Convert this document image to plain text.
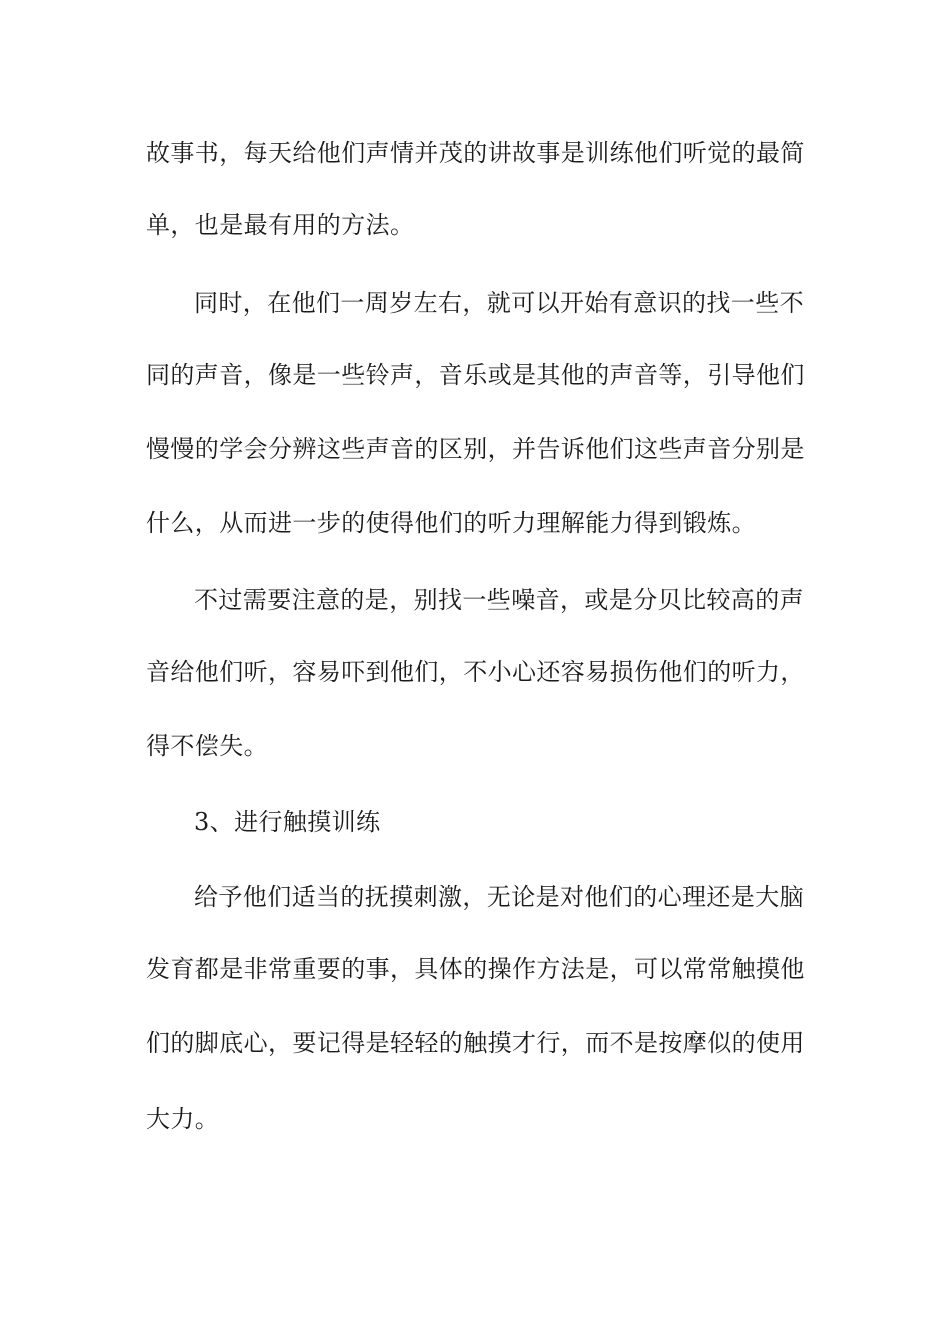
故事书，每天给他们声情并茂的讲故事是训练他们听觉的最简
单，也是最有用的方法。
同时，在他们一周岁左右，就可以开始有意识的找一些不
同的声音，像是一些铃声，音乐或是其他的声音等，引导他们
慢慢的学会分辨这些声音的区别，并告诉他们这些声音分别是
什么，从而进一步的使得他们的听力理解能力得到锻炼。
不过需要注意的是，别找一些噪音，或是分贝比较高的声
音给他们听，容易吓到他们，不小心还容易损伤他们的听力，
得不偿失。
3、进行触摸训练
给予他们适当的抚摸刺激，无论是对他们的心理还是大脑
发育都是非常重要的事，具体的操作方法是，可以常常触摸他
们的脚底心，要记得是轻轻的触摸才行，而不是按摩似的使用
大力。
